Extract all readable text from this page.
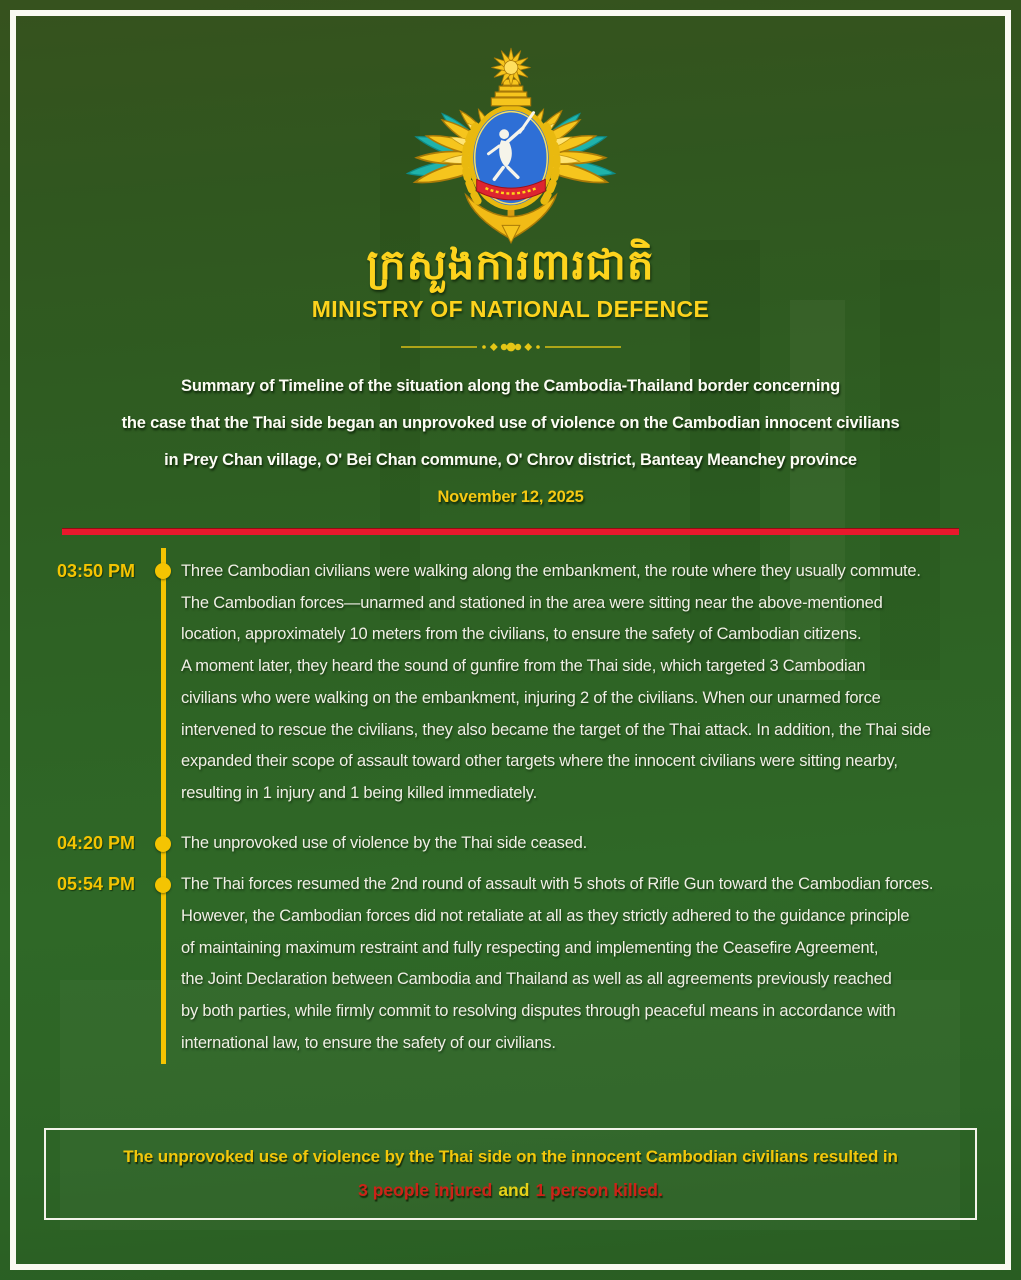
ក្រសួងការពារជាតិ
MINISTRY OF NATIONAL DEFENCE
Summary of Timeline of the situation along the Cambodia-Thailand border concerning
the case that the Thai side began an unprovoked use of violence on the Cambodian innocent civilians
in Prey Chan village, O' Bei Chan commune, O' Chrov district, Banteay Meanchey province
November 12, 2025
03:50 PM	Three Cambodian civilians were walking along the embankment, the route where they usually commute.
The Cambodian forces—unarmed and stationed in the area were sitting near the above-mentioned
location, approximately 10 meters from the civilians, to ensure the safety of Cambodian citizens.
A moment later, they heard the sound of gunfire from the Thai side, which targeted 3 Cambodian
civilians who were walking on the embankment, injuring 2 of the civilians. When our unarmed force
intervened to rescue the civilians, they also became the target of the Thai attack. In addition, the Thai side
expanded their scope of assault toward other targets where the innocent civilians were sitting nearby,
resulting in 1 injury and 1 being killed immediately.
04:20 PM	The unprovoked use of violence by the Thai side ceased.
05:54 PM	The Thai forces resumed the 2nd round of assault with 5 shots of Rifle Gun toward the Cambodian forces.
However, the Cambodian forces did not retaliate at all as they strictly adhered to the guidance principle
of maintaining maximum restraint and fully respecting and implementing the Ceasefire Agreement,
the Joint Declaration between Cambodia and Thailand as well as all agreements previously reached
by both parties, while firmly commit to resolving disputes through peaceful means in accordance with
international law, to ensure the safety of our civilians.
The unprovoked use of violence by the Thai side on the innocent Cambodian civilians resulted in
3 people injured and 1 person killed.
